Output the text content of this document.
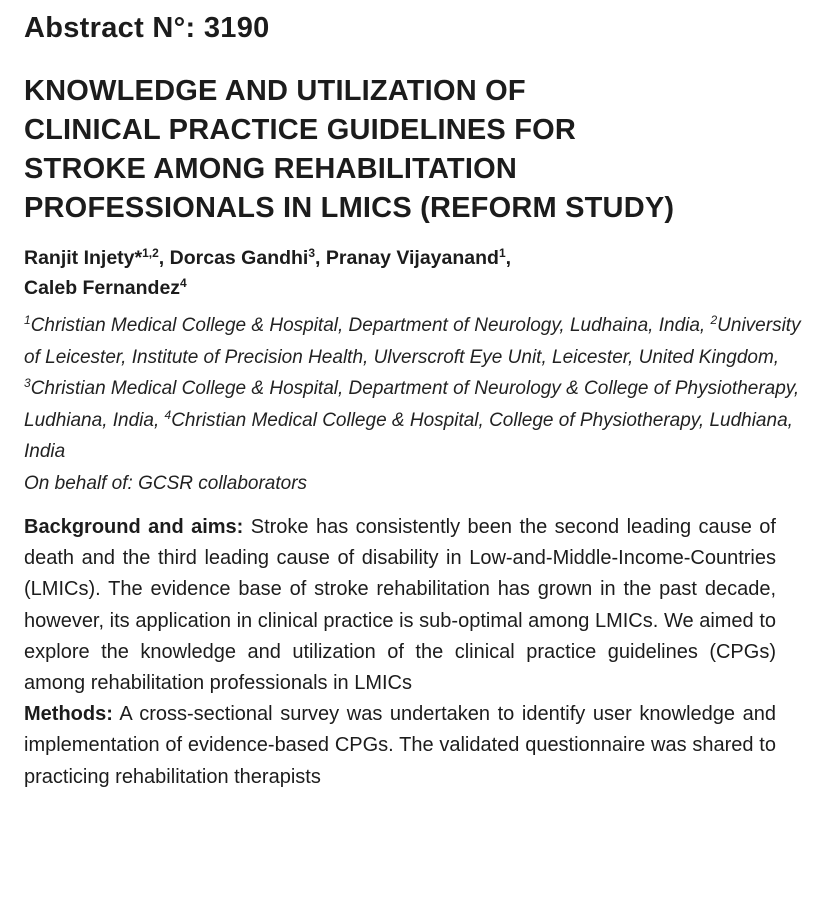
Abstract N°: 3190
KNOWLEDGE AND UTILIZATION OF
CLINICAL PRACTICE GUIDELINES FOR
STROKE AMONG REHABILITATION
PROFESSIONALS IN LMICS (REFORM STUDY)
Ranjit Injety*$^{1,2}$, Dorcas Gandhi$^3$, Pranay Vijayanand$^1$,
Caleb Fernandez$^4$
$^1$Christian Medical College & Hospital, Department of Neurology, Ludhaina, India, $^2$University of Leicester, Institute of Precision Health, Ulverscroft Eye Unit, Leicester, United Kingdom, $^3$Christian Medical College & Hospital, Department of Neurology & College of Physiotherapy, Ludhiana, India, $^4$Christian Medical College & Hospital, College of Physiotherapy, Ludhiana, India
On behalf of: GCSR collaborators

Background and aims: Stroke has consistently been the second leading cause of death and the third leading cause of disability in Low-and-Middle-Income-Countries (LMICs). The evidence base of stroke rehabilitation has grown in the past decade, however, its application in clinical practice is sub-optimal among LMICs. We aimed to explore the knowledge and utilization of the clinical practice guidelines (CPGs) among rehabilitation professionals in LMICs

Methods: A cross-sectional survey was undertaken to identify user knowledge and implementation of evidence-based CPGs. The validated questionnaire was shared to practicing rehabilitation therapists
